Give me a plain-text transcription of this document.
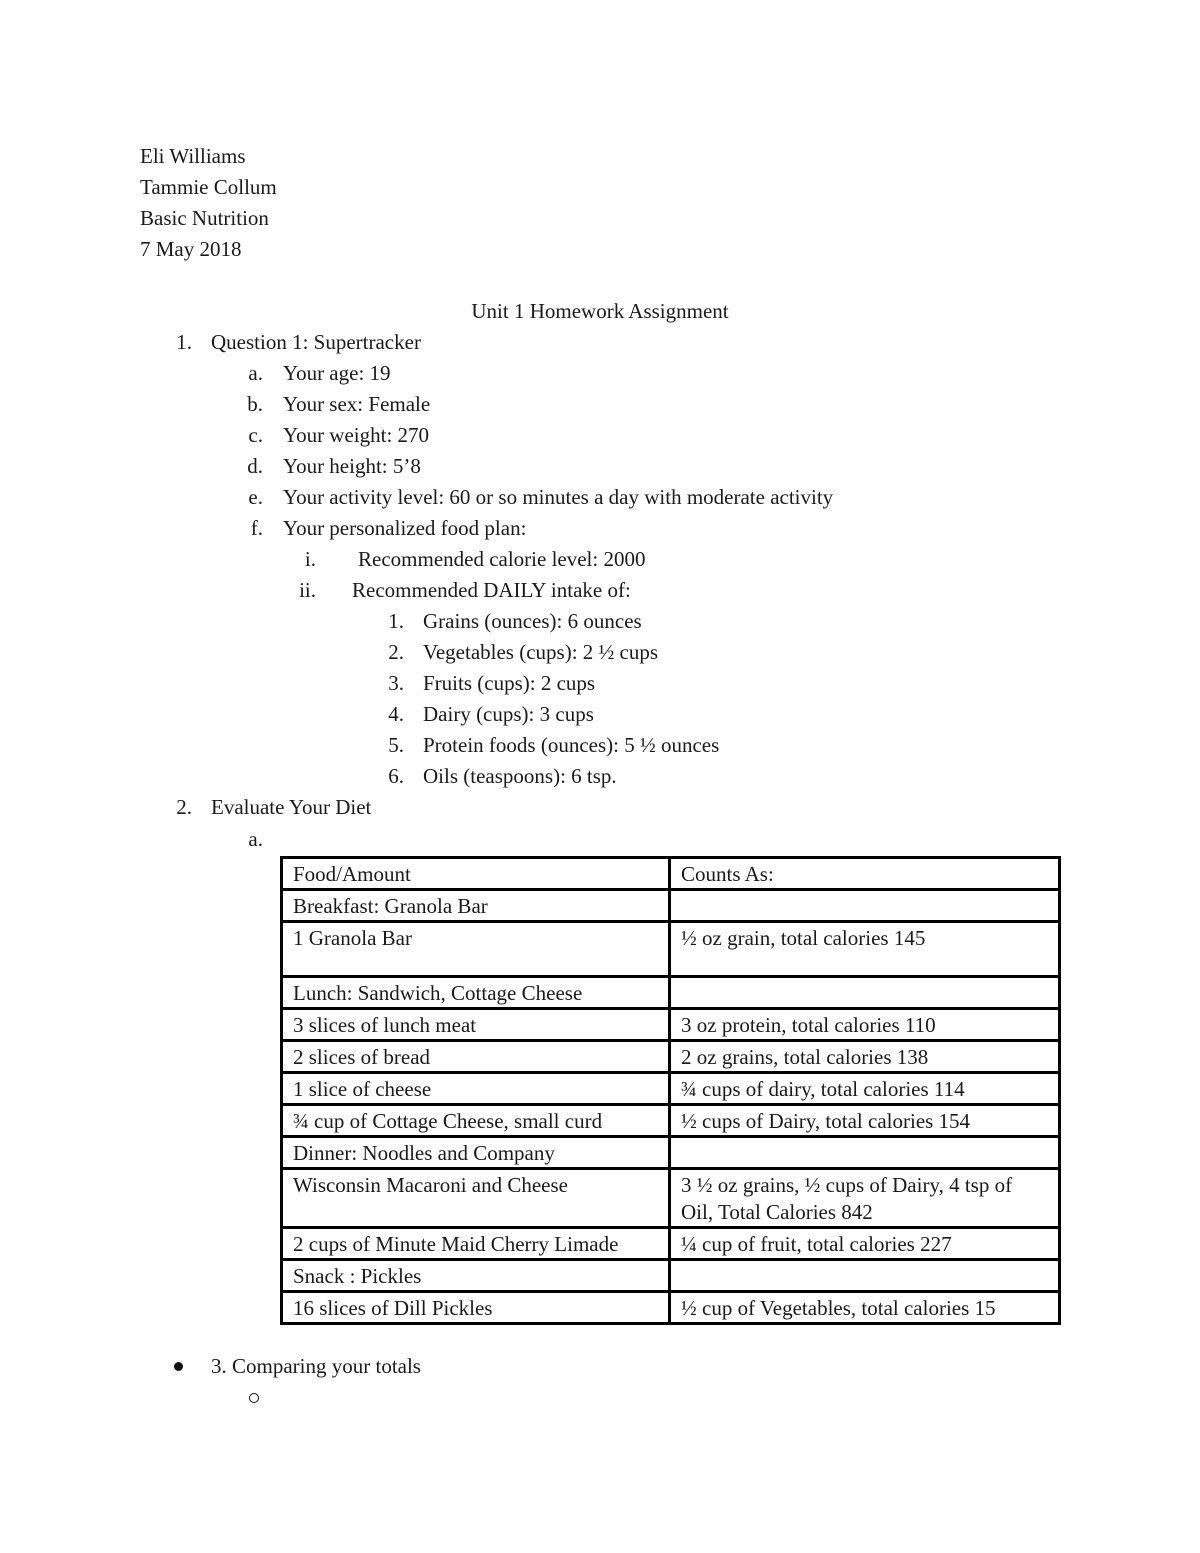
Eli Williams
Tammie Collum
Basic Nutrition
7 May 2018
Unit 1 Homework Assignment
1. Question 1: Supertracker
a. Your age: 19
b. Your sex: Female
c. Your weight: 270
d. Your height: 5’8
e. Your activity level: 60 or so minutes a day with moderate activity
f. Your personalized food plan:
i. Recommended calorie level: 2000
ii. Recommended DAILY intake of:
1. Grains (ounces): 6 ounces
2. Vegetables (cups): 2 ½ cups
3. Fruits (cups): 2 cups
4. Dairy (cups): 3 cups
5. Protein foods (ounces): 5 ½ ounces
6. Oils (teaspoons): 6 tsp.
2. Evaluate Your Diet
a.
Food/Amount	Counts As:
Breakfast: Granola Bar	
1 Granola Bar	½ oz grain, total calories 145
Lunch: Sandwich, Cottage Cheese	
3 slices of lunch meat	3 oz protein, total calories 110
2 slices of bread	2 oz grains, total calories 138
1 slice of cheese	¾ cups of dairy, total calories 114
¾ cup of Cottage Cheese, small curd	½ cups of Dairy, total calories 154
Dinner: Noodles and Company	
Wisconsin Macaroni and Cheese	3 ½ oz grains, ½ cups of Dairy, 4 tsp of Oil, Total Calories 842
2 cups of Minute Maid Cherry Limade	¼ cup of fruit, total calories 227
Snack : Pickles	
16 slices of Dill Pickles	½ cup of Vegetables, total calories 15
3. Comparing your totals
